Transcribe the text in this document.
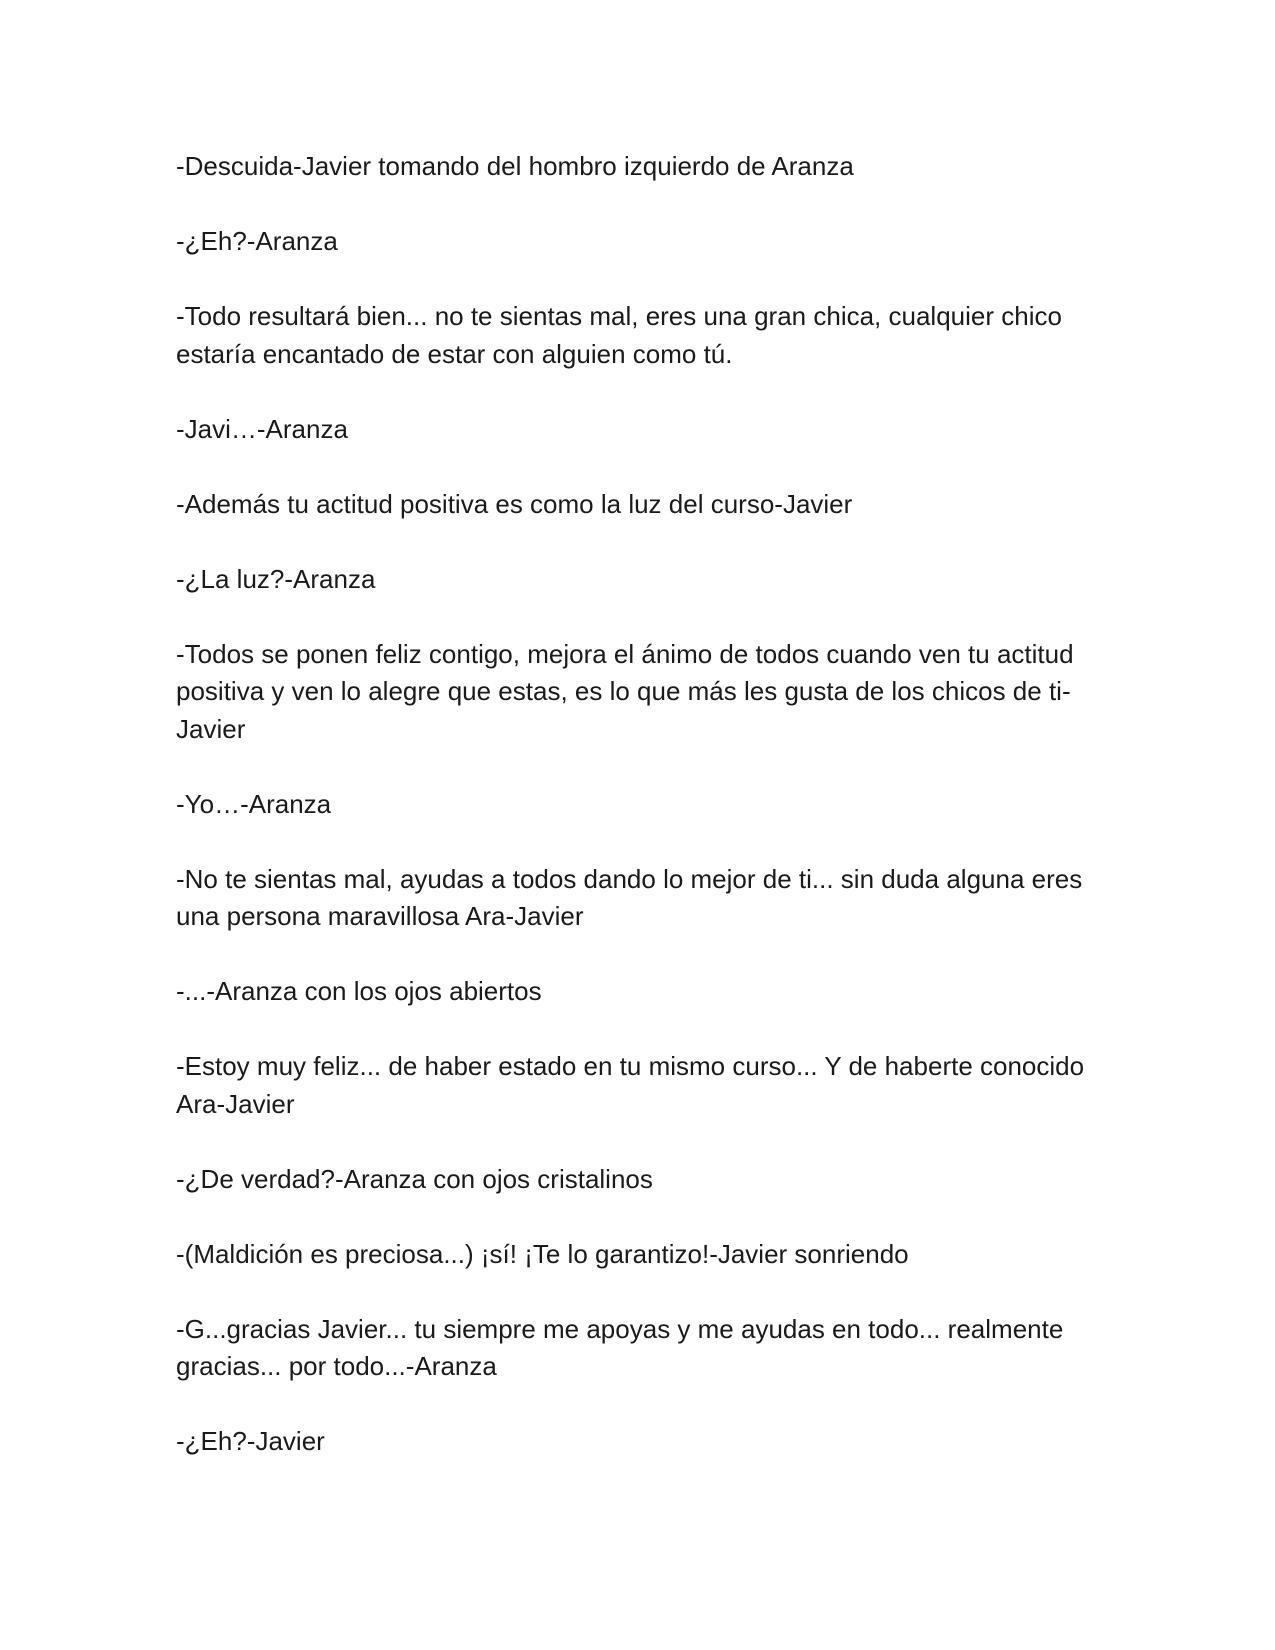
-Descuida-Javier tomando del hombro izquierdo de Aranza

-¿Eh?-Aranza

-Todo resultará bien... no te sientas mal, eres una gran chica, cualquier chico estaría encantado de estar con alguien como tú.

-Javi…-Aranza

-Además tu actitud positiva es como la luz del curso-Javier

-¿La luz?-Aranza

-Todos se ponen feliz contigo, mejora el ánimo de todos cuando ven tu actitud positiva y ven lo alegre que estas, es lo que más les gusta de los chicos de ti-Javier

-Yo…-Aranza

-No te sientas mal, ayudas a todos dando lo mejor de ti... sin duda alguna eres una persona maravillosa Ara-Javier

-...-Aranza con los ojos abiertos

-Estoy muy feliz... de haber estado en tu mismo curso... Y de haberte conocido Ara-Javier

-¿De verdad?-Aranza con ojos cristalinos

-(Maldición es preciosa...) ¡sí! ¡Te lo garantizo!-Javier sonriendo

-G...gracias Javier... tu siempre me apoyas y me ayudas en todo... realmente gracias... por todo...-Aranza

-¿Eh?-Javier
